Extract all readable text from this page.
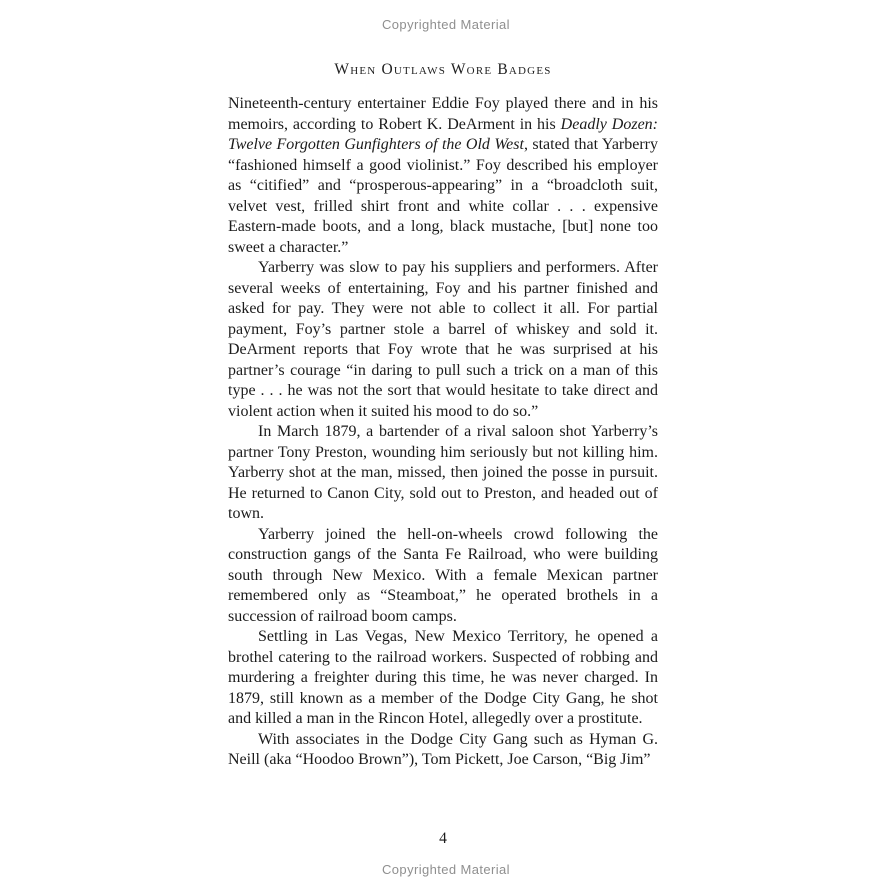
Copyrighted Material
When Outlaws Wore Badges

Nineteenth-century entertainer Eddie Foy played there and in his memoirs, according to Robert K. DeArment in his Deadly Dozen: Twelve Forgotten Gunfighters of the Old West, stated that Yarberry “fashioned himself a good violinist.” Foy described his employer as “citified” and “prosperous-appearing” in a “broadcloth suit, velvet vest, frilled shirt front and white collar . . . expensive Eastern-made boots, and a long, black mustache, [but] none too sweet a character.”

Yarberry was slow to pay his suppliers and performers. After several weeks of entertaining, Foy and his partner finished and asked for pay. They were not able to collect it all. For partial payment, Foy’s partner stole a barrel of whiskey and sold it. DeArment reports that Foy wrote that he was surprised at his partner’s courage “in daring to pull such a trick on a man of this type . . . he was not the sort that would hesitate to take direct and violent action when it suited his mood to do so.”

In March 1879, a bartender of a rival saloon shot Yarberry’s partner Tony Preston, wounding him seriously but not killing him. Yarberry shot at the man, missed, then joined the posse in pursuit. He returned to Canon City, sold out to Preston, and headed out of town.

Yarberry joined the hell-on-wheels crowd following the construction gangs of the Santa Fe Railroad, who were building south through New Mexico. With a female Mexican partner remembered only as “Steamboat,” he operated brothels in a succession of railroad boom camps.

Settling in Las Vegas, New Mexico Territory, he opened a brothel catering to the railroad workers. Suspected of robbing and murdering a freighter during this time, he was never charged. In 1879, still known as a member of the Dodge City Gang, he shot and killed a man in the Rincon Hotel, allegedly over a prostitute.

With associates in the Dodge City Gang such as Hyman G. Neill (aka “Hoodoo Brown”), Tom Pickett, Joe Carson, “Big Jim”

4
Copyrighted Material
